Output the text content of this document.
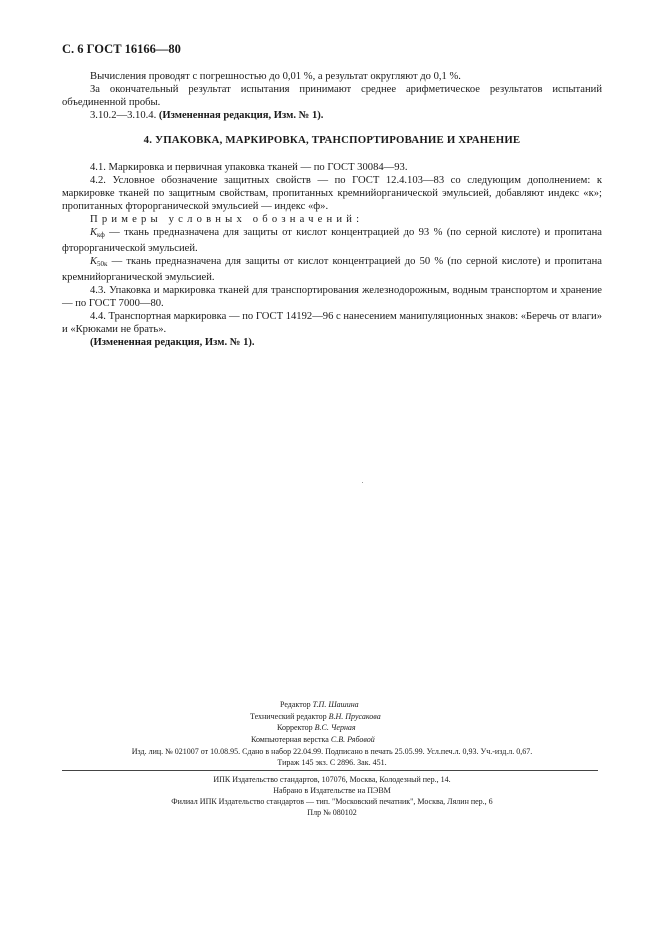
С. 6 ГОСТ 16166—80

Вычисления проводят с погрешностью до 0,01 %, а результат округляют до 0,1 %.

За окончательный результат испытания принимают среднее арифметическое результатов испытаний объединенной пробы.

3.10.2—3.10.4. (Измененная редакция, Изм. № 1).

4. УПАКОВКА, МАРКИРОВКА, ТРАНСПОРТИРОВАНИЕ И ХРАНЕНИЕ

4.1. Маркировка и первичная упаковка тканей — по ГОСТ 30084—93.

4.2. Условное обозначение защитных свойств — по ГОСТ 12.4.103—83 со следующим дополнением: к маркировке тканей по защитным свойствам, пропитанных кремнийорганической эмульсией, добавляют индекс «к»; пропитанных фторорганической эмульсией — индекс «ф».

Примеры условных обозначений:

$К_{кф}$ — ткань предназначена для защиты от кислот концентрацией до 93 % (по серной кислоте) и пропитана фторорганической эмульсией.

$К_{50к}$ — ткань предназначена для защиты от кислот концентрацией до 50 % (по серной кислоте) и пропитана кремнийорганической эмульсией.

4.3. Упаковка и маркировка тканей для транспортирования железнодорожным, водным транспортом и хранение — по ГОСТ 7000—80.

4.4. Транспортная маркировка — по ГОСТ 14192—96 с нанесением манипуляционных знаков: «Беречь от влаги» и «Крюками не брать».

(Измененная редакция, Изм. № 1).

Редактор Т.П. Шашина
Технический редактор В.Н. Прусакова
Корректор В.С. Черная
Компьютерная верстка С.В. Рябовой
Изд. лиц. № 021007 от 10.08.95. Сдано в набор 22.04.99. Подписано в печать 25.05.99. Усл.печ.л. 0,93. Уч.-изд.л. 0,67.
Тираж 145 экз. С 2896. Зак. 451.
ИПК Издательство стандартов, 107076, Москва, Колодезный пер., 14.
Набрано в Издательстве на ПЭВМ
Филиал ИПК Издательство стандартов — тип. "Московский печатник", Москва, Лялин пер., 6
Плр № 080102
